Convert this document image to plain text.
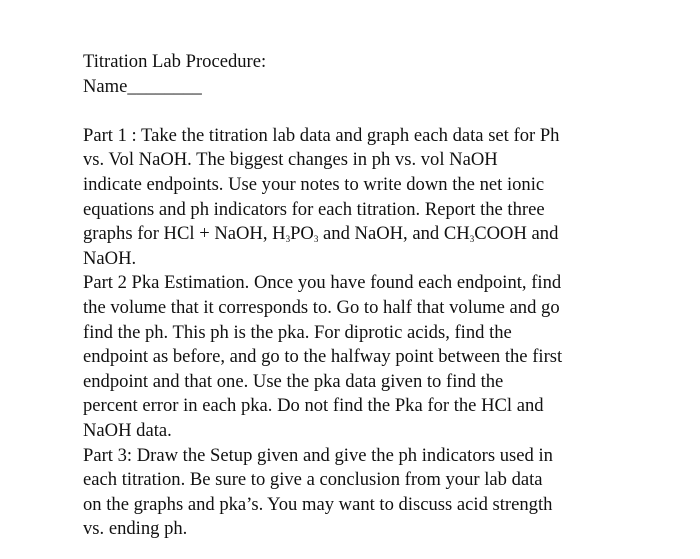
Titration Lab Procedure:
Name________
Part 1 : Take the titration lab data and graph each data set for Ph
vs. Vol NaOH. The biggest changes in ph vs. vol NaOH
indicate endpoints. Use your notes to write down the net ionic
equations and ph indicators for each titration. Report the three
graphs for HCl + NaOH, $H_3PO_3$ and NaOH, and $CH_3COOH$ and
NaOH.
Part 2 Pka Estimation. Once you have found each endpoint, find
the volume that it corresponds to. Go to half that volume and go
find the ph. This ph is the pka. For diprotic acids, find the
endpoint as before, and go to the halfway point between the first
endpoint and that one. Use the pka data given to find the
percent error in each pka. Do not find the Pka for the HCl and
NaOH data.
Part 3: Draw the Setup given and give the ph indicators used in
each titration. Be sure to give a conclusion from your lab data
on the graphs and pka’s. You may want to discuss acid strength
vs. ending ph.
